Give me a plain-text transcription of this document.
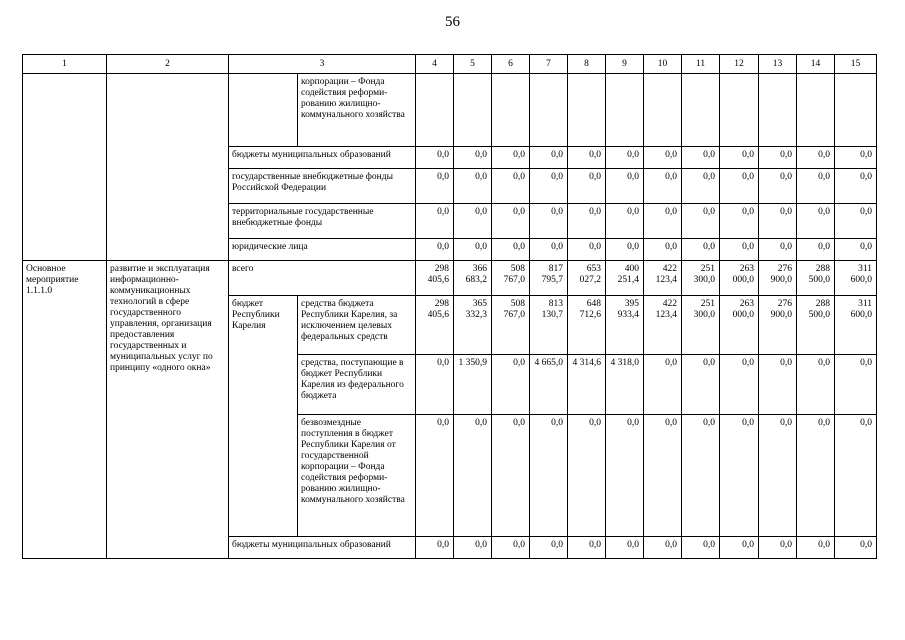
56
1	2	3		4	5	6	7	8	9	10	11	12	13	14	15
			корпорации – Фонда содействия реформи-рованию жилищно-коммунального хозяйства												
		бюджеты муниципальных образований		0,0	0,0	0,0	0,0	0,0	0,0	0,0	0,0	0,0	0,0	0,0	0,0
		государственные внебюджетные фонды Российской Федерации		0,0	0,0	0,0	0,0	0,0	0,0	0,0	0,0	0,0	0,0	0,0	0,0
		территориальные государственные внебюджетные фонды		0,0	0,0	0,0	0,0	0,0	0,0	0,0	0,0	0,0	0,0	0,0	0,0
		юридические лица		0,0	0,0	0,0	0,0	0,0	0,0	0,0	0,0	0,0	0,0	0,0	0,0
Основное мероприятие 1.1.1.0	развитие и эксплуатация информационно-коммуникационных технологий в сфере государственного управления, организация предоставления государственных и муниципальных услуг по принципу «одного окна»	всего		298 405,6	366 683,2	508 767,0	817 795,7	653 027,2	400 251,4	422 123,4	251 300,0	263 000,0	276 900,0	288 500,0	311 600,0
		бюджет Республики Карелия	средства бюджета Республики Карелия, за исключением целевых федеральных средств	298 405,6	365 332,3	508 767,0	813 130,7	648 712,6	395 933,4	422 123,4	251 300,0	263 000,0	276 900,0	288 500,0	311 600,0
			средства, поступающие в бюджет Республики Карелия из федерального бюджета	0,0	1 350,9	0,0	4 665,0	4 314,6	4 318,0	0,0	0,0	0,0	0,0	0,0	0,0
			безвозмездные поступления в бюджет Республики Карелия от государственной корпорации – Фонда содействия реформи-рованию жилищно-коммунального хозяйства	0,0	0,0	0,0	0,0	0,0	0,0	0,0	0,0	0,0	0,0	0,0	0,0
		бюджеты муниципальных образований		0,0	0,0	0,0	0,0	0,0	0,0	0,0	0,0	0,0	0,0	0,0	0,0
